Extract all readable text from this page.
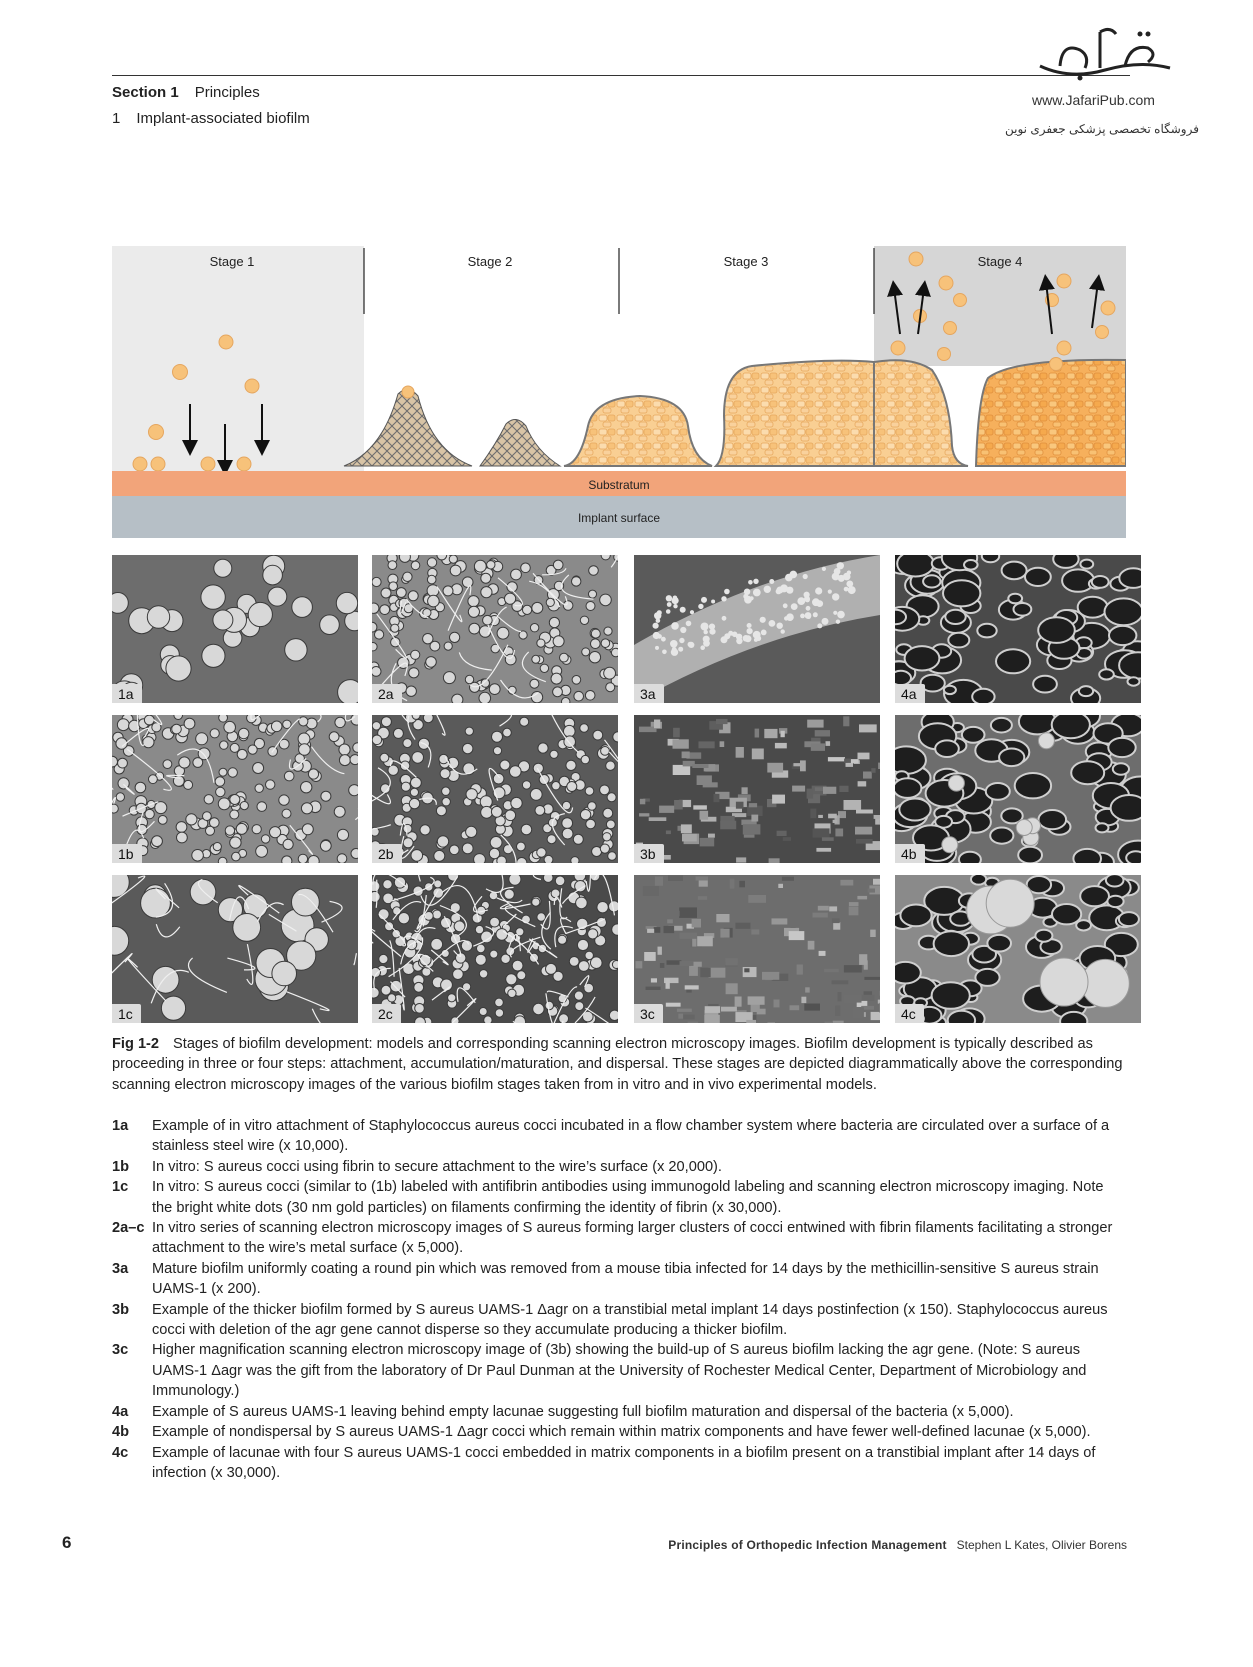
Section 1 Principles
1 Implant-associated biofilm
www.JafariPub.com
فروشگاه تخصصی پزشکی جعفری نوین
Stage 1	Stage 2	Stage 3	Stage 4
Substratum
Implant surface
1a	2a	3a	4a
1b	2b	3b	4b
1c	2c	3c	4c
Fig 1-2 Stages of biofilm development: models and corresponding scanning electron microscopy images. Biofilm development is typically described as proceeding in three or four steps: attachment, accumulation/maturation, and dispersal. These stages are depicted diagrammatically above the corresponding scanning electron microscopy images of the various biofilm stages taken from in vitro and in vivo experimental models.
1a	Example of in vitro attachment of Staphylococcus aureus cocci incubated in a flow chamber system where bacteria are circulated over a surface of a stainless steel wire (x 10,000).
1b	In vitro: S aureus cocci using fibrin to secure attachment to the wire’s surface (x 20,000).
1c	In vitro: S aureus cocci (similar to (1b) labeled with antifibrin antibodies using immunogold labeling and scanning electron microscopy imaging. Note the bright white dots (30 nm gold particles) on filaments confirming the identity of fibrin (x 30,000).
2a–c In vitro series of scanning electron microscopy images of S aureus forming larger clusters of cocci entwined with fibrin filaments facilitating a stronger attachment to the wire’s metal surface (x 5,000).
3a	Mature biofilm uniformly coating a round pin which was removed from a mouse tibia infected for 14 days by the methicillin-sensitive S aureus strain UAMS-1 (x 200).
3b	Example of the thicker biofilm formed by S aureus UAMS-1 Δagr on a transtibial metal implant 14 days postinfection (x 150). Staphylococcus aureus cocci with deletion of the agr gene cannot disperse so they accumulate producing a thicker biofilm.
3c	Higher magnification scanning electron microscopy image of (3b) showing the build-up of S aureus biofilm lacking the agr gene. (Note: S aureus UAMS-1 Δagr was the gift from the laboratory of Dr Paul Dunman at the University of Rochester Medical Center, Department of Microbiology and Immunology.)
4a	Example of S aureus UAMS-1 leaving behind empty lacunae suggesting full biofilm maturation and dispersal of the bacteria (x 5,000).
4b	Example of nondispersal by S aureus UAMS-1 Δagr cocci which remain within matrix components and have fewer well-defined lacunae (x 5,000).
4c	Example of lacunae with four S aureus UAMS-1 cocci embedded in matrix components in a biofilm present on a transtibial implant after 14 days of infection (x 30,000).
6	Principles of Orthopedic Infection Management Stephen L Kates, Olivier Borens
